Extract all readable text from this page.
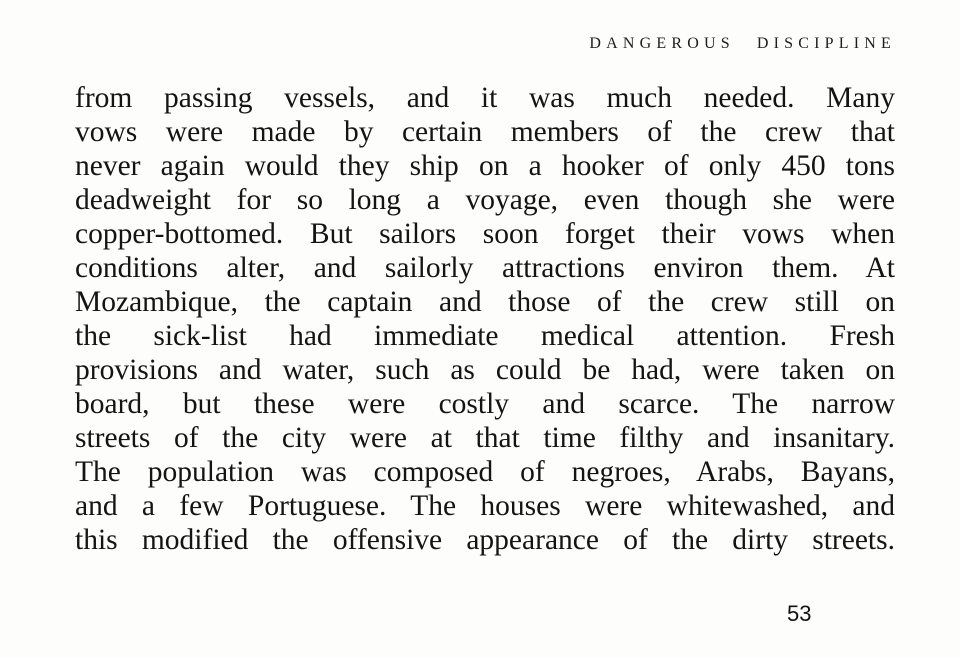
DANGEROUS DISCIPLINE
from passing vessels, and it was much needed. Many
vows were made by certain members of the crew that
never again would they ship on a hooker of only 450 tons
deadweight for so long a voyage, even though she were
copper-bottomed. But sailors soon forget their vows when
conditions alter, and sailorly attractions environ them. At
Mozambique, the captain and those of the crew still on
the sick-list had immediate medical attention. Fresh
provisions and water, such as could be had, were taken on
board, but these were costly and scarce. The narrow
streets of the city were at that time filthy and insanitary.
The population was composed of negroes, Arabs, Bayans,
and a few Portuguese. The houses were whitewashed, and
this modified the offensive appearance of the dirty streets.
53
